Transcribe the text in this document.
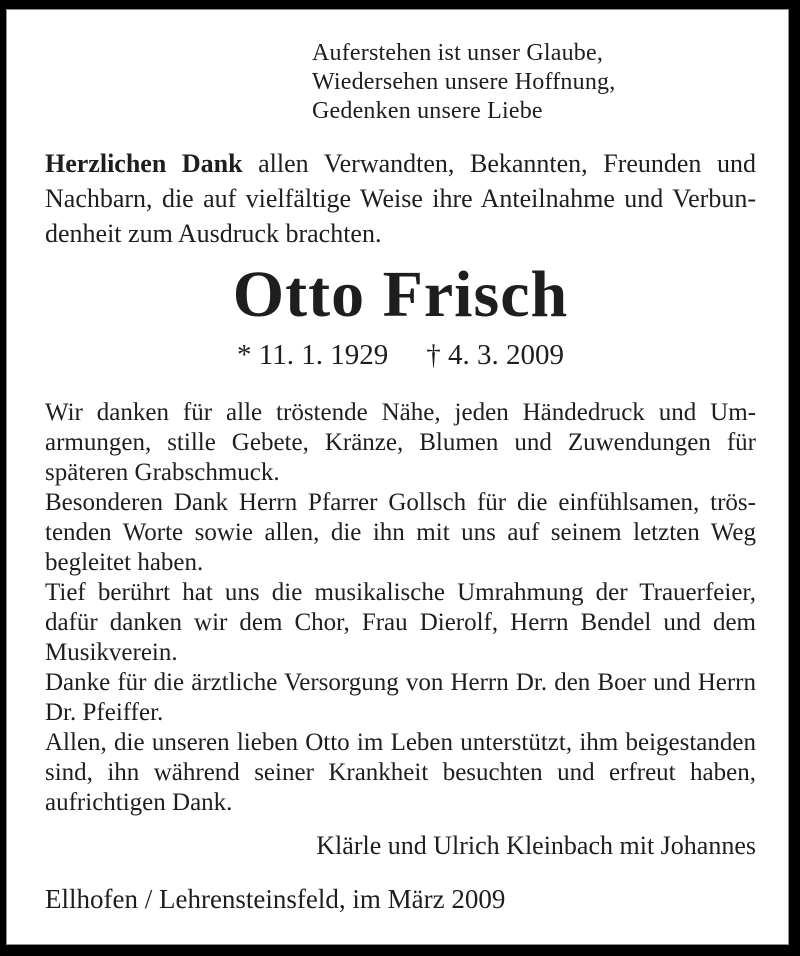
Auferstehen ist unser Glaube,
Wiedersehen unsere Hoffnung,
Gedenken unsere Liebe

Herzlichen Dank allen Verwandten, Bekannten, Freunden und Nachbarn, die auf vielfältige Weise ihre Anteilnahme und Verbundenheit zum Ausdruck brachten.

Otto Frisch
* 11. 1. 1929 † 4. 3. 2009

Wir danken für alle tröstende Nähe, jeden Händedruck und Umarmungen, stille Gebete, Kränze, Blumen und Zuwendungen für späteren Grabschmuck.

Besonderen Dank Herrn Pfarrer Gollsch für die einfühlsamen, tröstenden Worte sowie allen, die ihn mit uns auf seinem letzten Weg begleitet haben.

Tief berührt hat uns die musikalische Umrahmung der Trauerfeier, dafür danken wir dem Chor, Frau Dierolf, Herrn Bendel und dem Musikverein.

Danke für die ärztliche Versorgung von Herrn Dr. den Boer und Herrn Dr. Pfeiffer.

Allen, die unseren lieben Otto im Leben unterstützt, ihm beigestanden sind, ihn während seiner Krankheit besuchten und erfreut haben, aufrichtigen Dank.

Klärle und Ulrich Kleinbach mit Johannes
Ellhofen / Lehrensteinsfeld, im März 2009
